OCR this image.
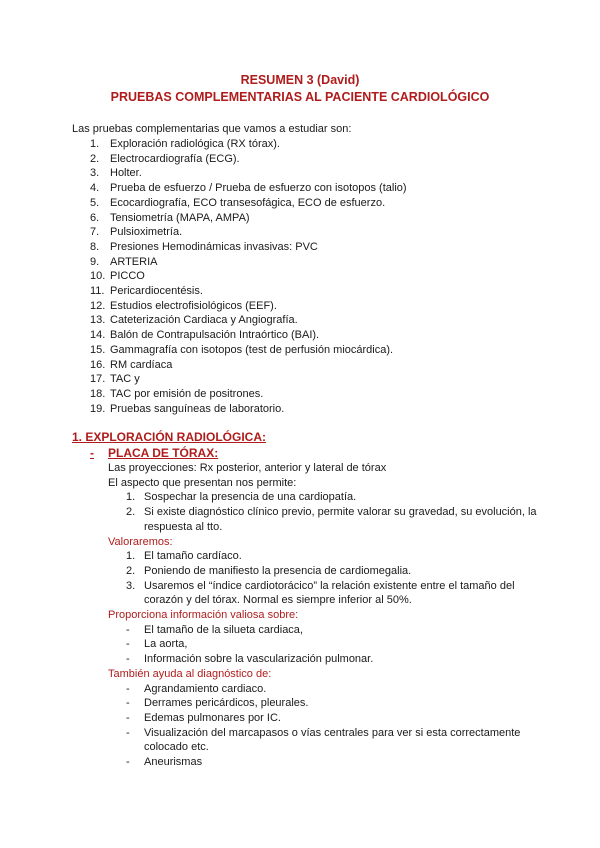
RESUMEN 3 (David)
PRUEBAS COMPLEMENTARIAS AL PACIENTE CARDIOLÓGICO
Las pruebas complementarias que vamos a estudiar son:
1. Exploración radiológica (RX tórax).
2. Electrocardiografía (ECG).
3. Holter.
4. Prueba de esfuerzo / Prueba de esfuerzo con isotopos (talio)
5. Ecocardiografía, ECO transesofágica, ECO de esfuerzo.
6. Tensiometría (MAPA, AMPA)
7. Pulsioximetría.
8. Presiones Hemodinámicas invasivas: PVC
9. ARTERIA
10. PICCO
11. Pericardiocentésis.
12. Estudios electrofisiológicos (EEF).
13. Cateterización Cardiaca y Angiografía.
14. Balón de Contrapulsación Intraórtico (BAI).
15. Gammagrafía con isotopos (test de perfusión miocárdica).
16. RM cardíaca
17. TAC y
18. TAC por emisión de positrones.
19. Pruebas sanguíneas de laboratorio.
1. EXPLORACIÓN RADIOLÓGICA:
-	PLACA DE TÓRAX:
Las proyecciones: Rx posterior, anterior y lateral de tórax
El aspecto que presentan nos permite:
1. Sospechar la presencia de una cardiopatía.
2. Si existe diagnóstico clínico previo, permite valorar su gravedad, su evolución, la respuesta al tto.
Valoraremos:
1. El tamaño cardíaco.
2. Poniendo de manifiesto la presencia de cardiomegalia.
3. Usaremos el “índice cardiotorácico” la relación existente entre el tamaño del corazón y del tórax. Normal es siempre inferior al 50%.
Proporciona información valiosa sobre:
-	El tamaño de la silueta cardiaca,
-	La aorta,
-	Información sobre la vascularización pulmonar.
También ayuda al diagnóstico de:
-	Agrandamiento cardiaco.
-	Derrames pericárdicos, pleurales.
-	Edemas pulmonares por IC.
-	Visualización del marcapasos o vías centrales para ver si esta correctamente colocado etc.
-	Aneurismas
